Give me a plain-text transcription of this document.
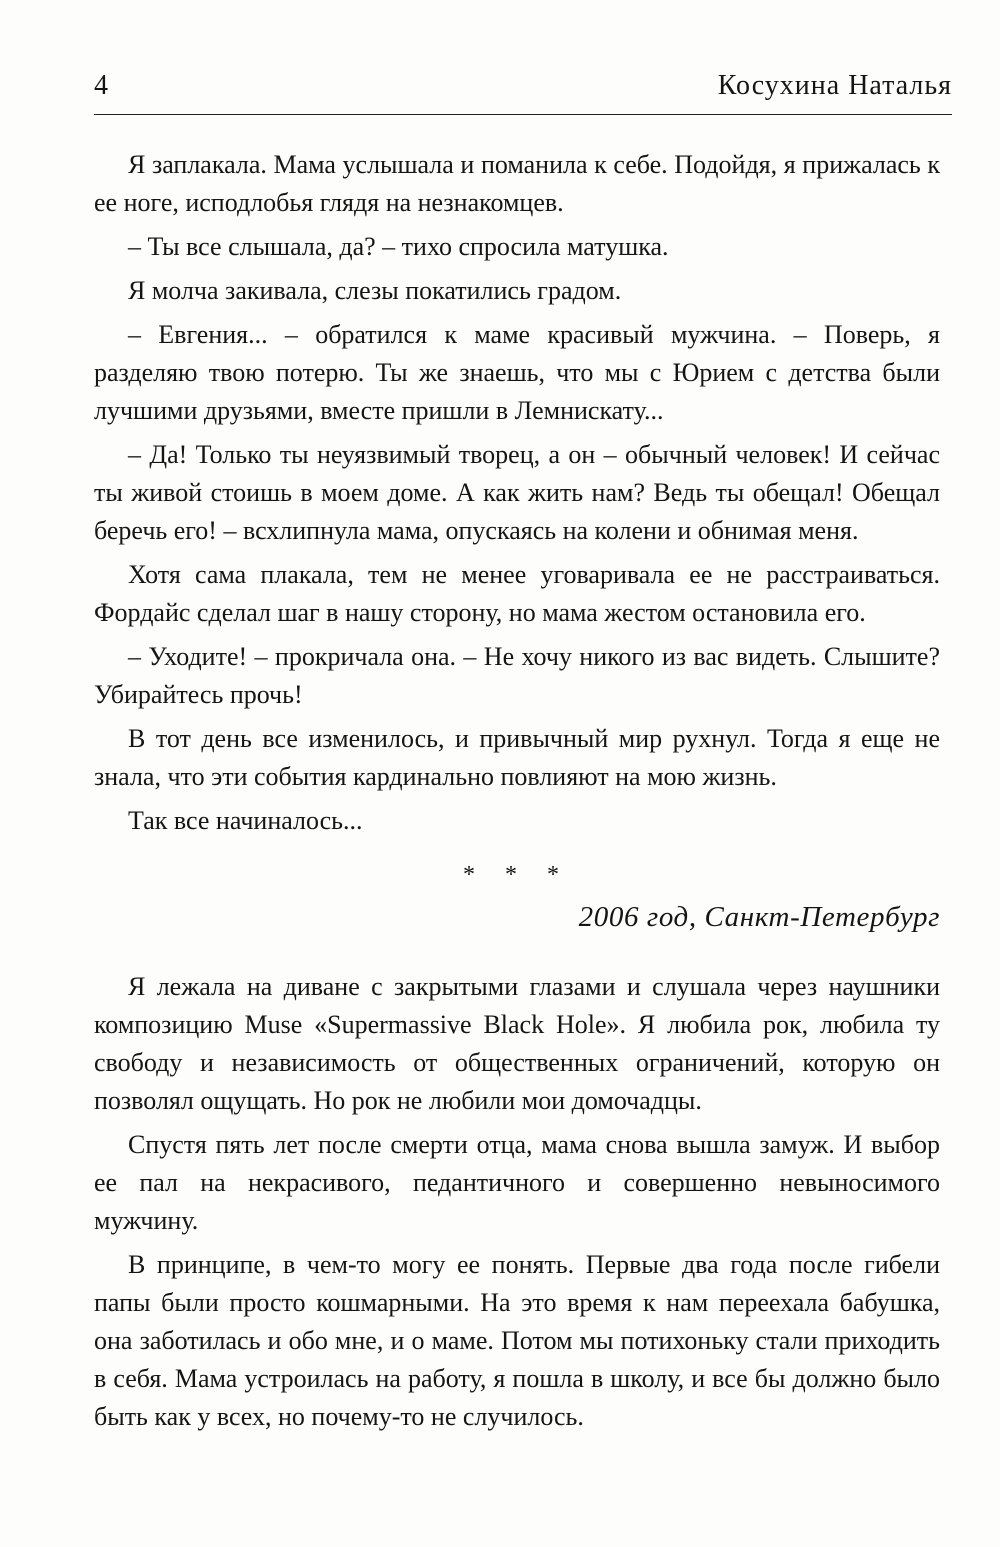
4	Косухина Наталья

Я заплакала. Мама услышала и поманила к себе. Подойдя, я прижалась к ее ноге, исподлобья глядя на незнакомцев.

– Ты все слышала, да? – тихо спросила матушка.

Я молча закивала, слезы покатились градом.

– Евгения... – обратился к маме красивый мужчина. – Поверь, я разделяю твою потерю. Ты же знаешь, что мы с Юрием с детства были лучшими друзьями, вместе пришли в Лемнискату...

– Да! Только ты неуязвимый творец, а он – обычный человек! И сейчас ты живой стоишь в моем доме. А как жить нам? Ведь ты обещал! Обещал беречь его! – всхлипнула мама, опускаясь на колени и обнимая меня.

Хотя сама плакала, тем не менее уговаривала ее не расстраиваться. Фордайс сделал шаг в нашу сторону, но мама жестом остановила его.

– Уходите! – прокричала она. – Не хочу никого из вас видеть. Слышите? Убирайтесь прочь!

В тот день все изменилось, и привычный мир рухнул. Тогда я еще не знала, что эти события кардинально повлияют на мою жизнь.

Так все начиналось...

* * *
2006 год, Санкт-Петербург

Я лежала на диване с закрытыми глазами и слушала через наушники композицию Muse «Supermassive Black Hole». Я любила рок, любила ту свободу и независимость от общественных ограничений, которую он позволял ощущать. Но рок не любили мои домочадцы.

Спустя пять лет после смерти отца, мама снова вышла замуж. И выбор ее пал на некрасивого, педантичного и совершенно невыносимого мужчину.

В принципе, в чем-то могу ее понять. Первые два года после гибели папы были просто кошмарными. На это время к нам переехала бабушка, она заботилась и обо мне, и о маме. Потом мы потихоньку стали приходить в себя. Мама устроилась на работу, я пошла в школу, и все бы должно было быть как у всех, но почему-то не случилось.
